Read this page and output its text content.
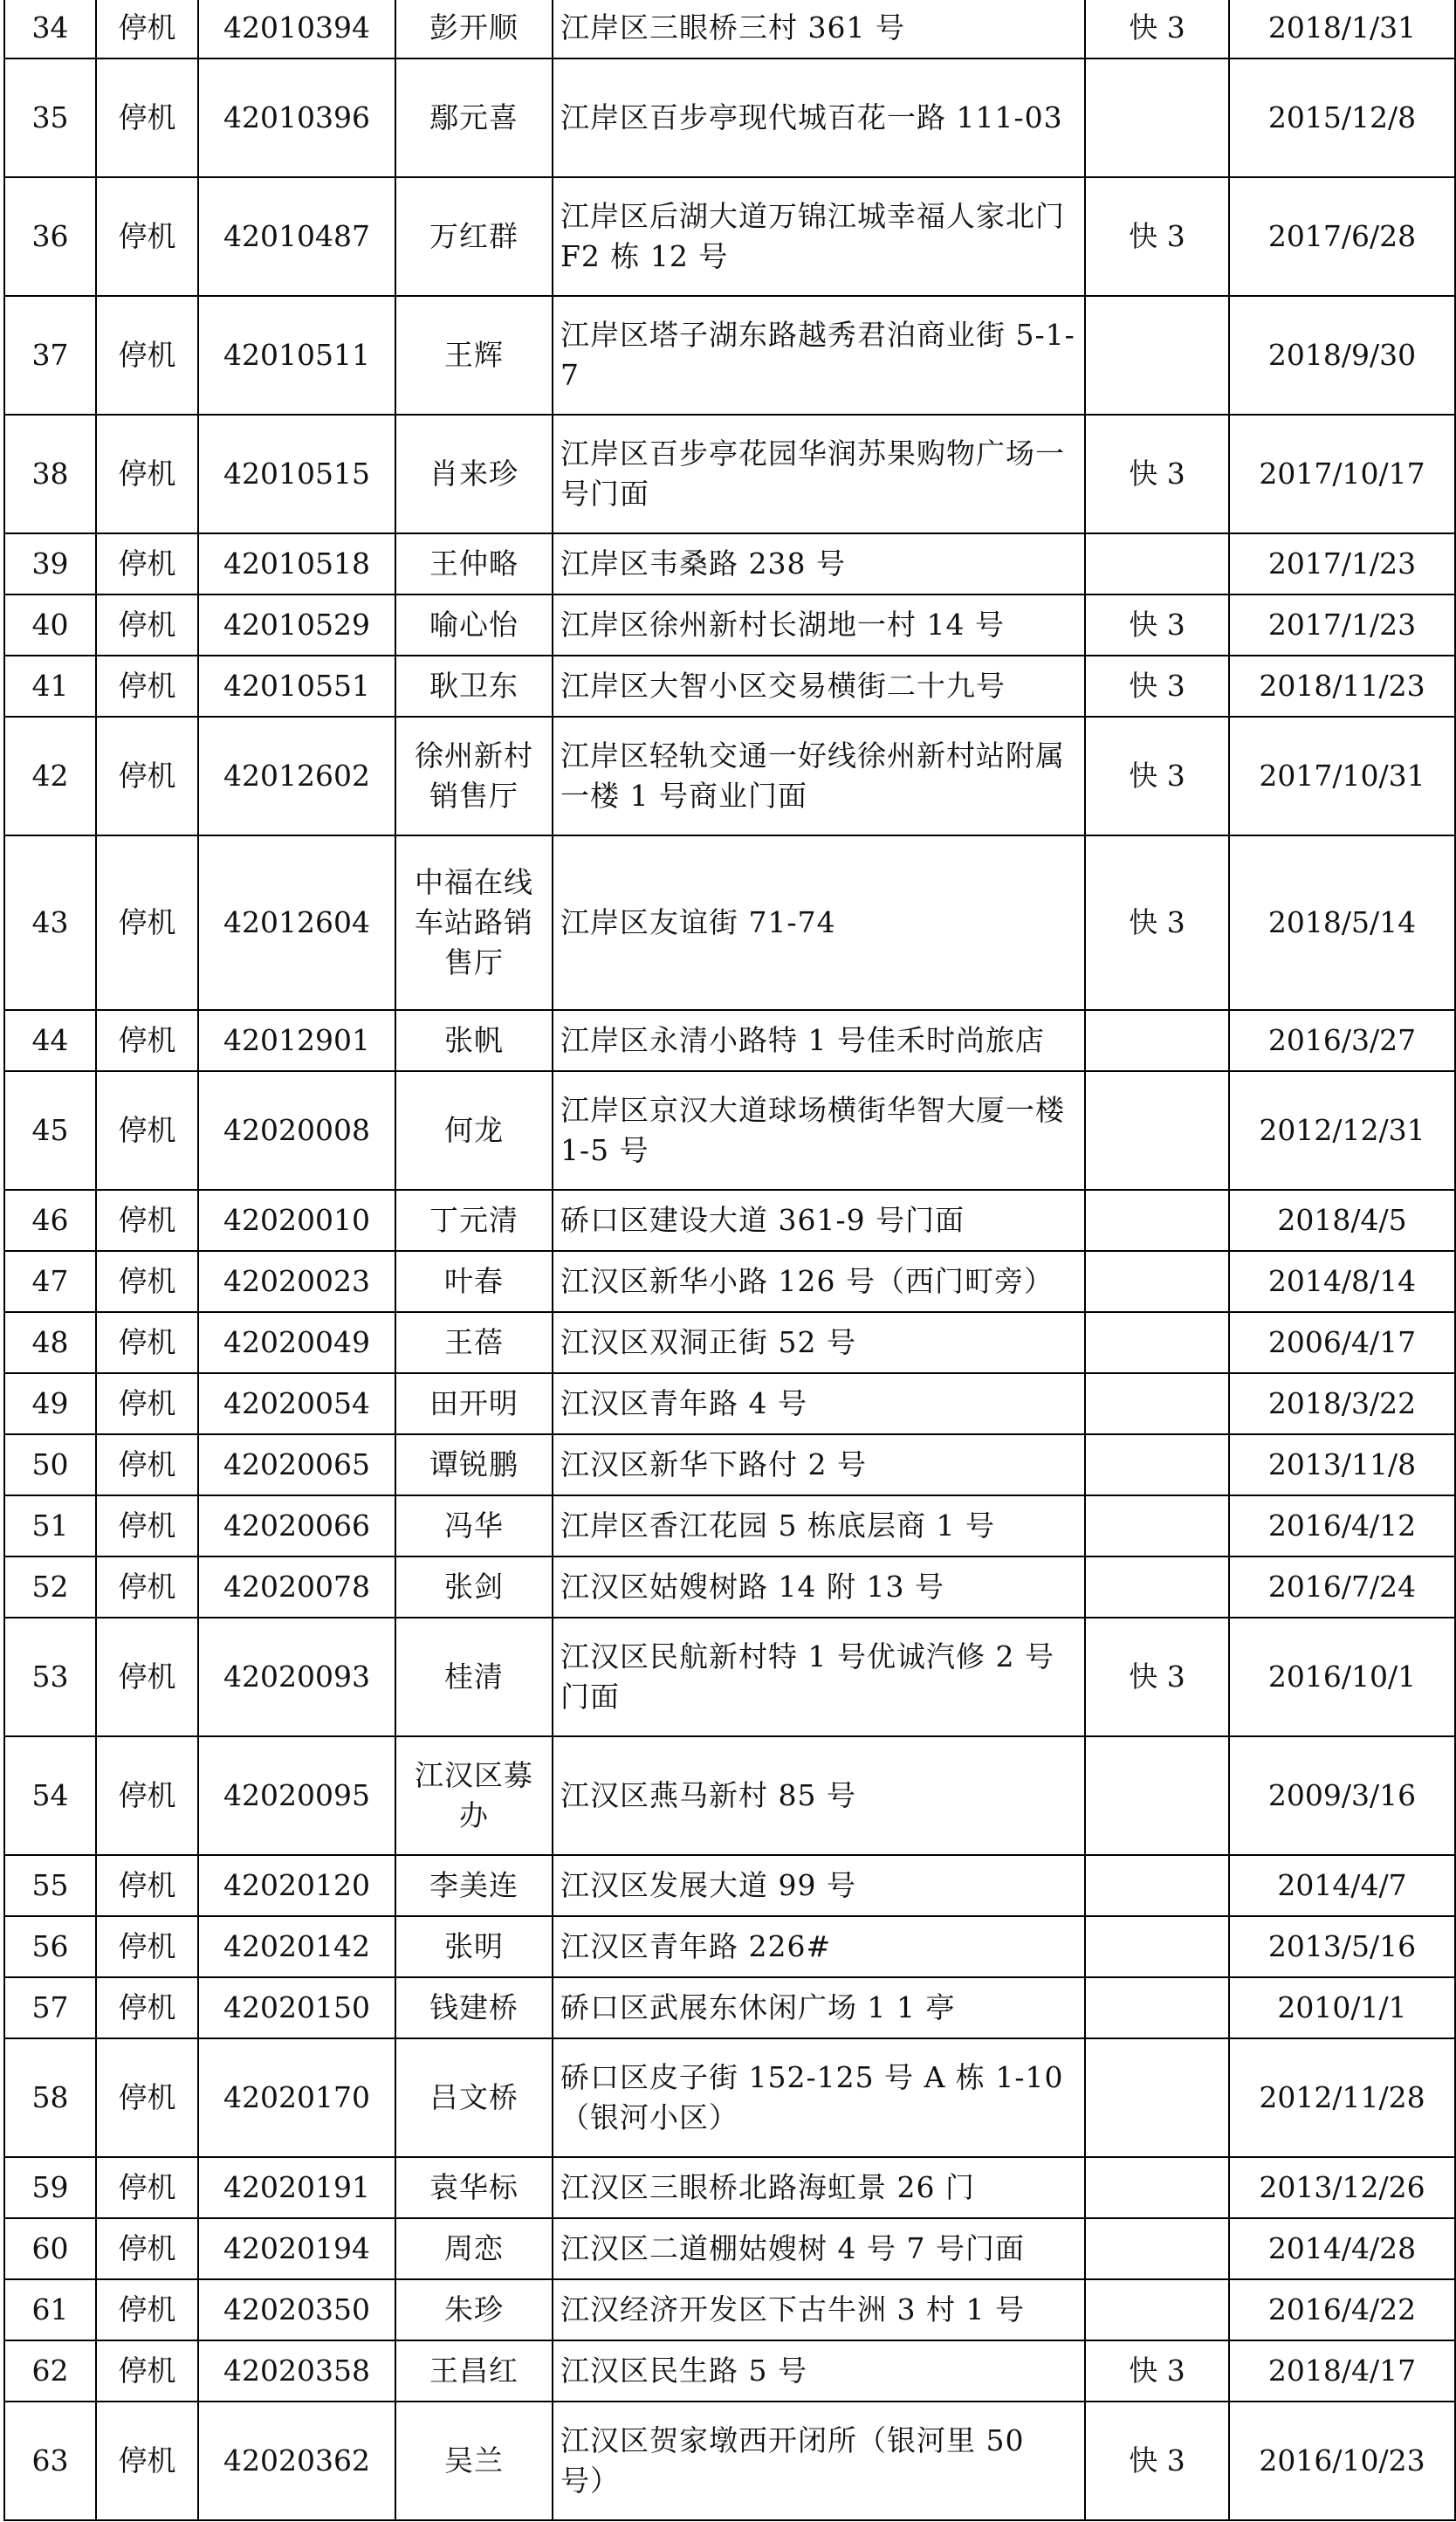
34	停机	42010394	彭开顺	江岸区三眼桥三村 361 号	快 3	2018/1/31
35	停机	42010396	鄢元喜	江岸区百步亭现代城百花一路 111-03		2015/12/8
36	停机	42010487	万红群	江岸区后湖大道万锦江城幸福人家北门 F2 栋 12 号	快 3	2017/6/28
37	停机	42010511	王辉	江岸区塔子湖东路越秀君泊商业街 5-1-7		2018/9/30
38	停机	42010515	肖来珍	江岸区百步亭花园华润苏果购物广场一号门面	快 3	2017/10/17
39	停机	42010518	王仲略	江岸区韦桑路 238 号		2017/1/23
40	停机	42010529	喻心怡	江岸区徐州新村长湖地一村 14 号	快 3	2017/1/23
41	停机	42010551	耿卫东	江岸区大智小区交易横街二十九号	快 3	2018/11/23
42	停机	42012602	徐州新村销售厅	江岸区轻轨交通一好线徐州新村站附属一楼 1 号商业门面	快 3	2017/10/31
43	停机	42012604	中福在线车站路销售厅	江岸区友谊街 71-74	快 3	2018/5/14
44	停机	42012901	张帆	江岸区永清小路特 1 号佳禾时尚旅店		2016/3/27
45	停机	42020008	何龙	江岸区京汉大道球场横街华智大厦一楼 1-5 号		2012/12/31
46	停机	42020010	丁元清	硚口区建设大道 361-9 号门面		2018/4/5
47	停机	42020023	叶春	江汉区新华小路 126 号（西门町旁）		2014/8/14
48	停机	42020049	王蓓	江汉区双洞正街 52 号		2006/4/17
49	停机	42020054	田开明	江汉区青年路 4 号		2018/3/22
50	停机	42020065	谭锐鹏	江汉区新华下路付 2 号		2013/11/8
51	停机	42020066	冯华	江岸区香江花园 5 栋底层商 1 号		2016/4/12
52	停机	42020078	张剑	江汉区姑嫂树路 14 附 13 号		2016/7/24
53	停机	42020093	桂清	江汉区民航新村特 1 号优诚汽修 2 号门面	快 3	2016/10/1
54	停机	42020095	江汉区募办	江汉区燕马新村 85 号		2009/3/16
55	停机	42020120	李美连	江汉区发展大道 99 号		2014/4/7
56	停机	42020142	张明	江汉区青年路 226#		2013/5/16
57	停机	42020150	钱建桥	硚口区武展东休闲广场 1 1 亭		2010/1/1
58	停机	42020170	吕文桥	硚口区皮子街 152-125 号 A 栋 1-10（银河小区）		2012/11/28
59	停机	42020191	袁华标	江汉区三眼桥北路海虹景 26 门		2013/12/26
60	停机	42020194	周恋	江汉区二道棚姑嫂树 4 号 7 号门面		2014/4/28
61	停机	42020350	朱珍	江汉经济开发区下古牛洲 3 村 1 号		2016/4/22
62	停机	42020358	王昌红	江汉区民生路 5 号	快 3	2018/4/17
63	停机	42020362	吴兰	江汉区贺家墩西开闭所（银河里 50 号）	快 3	2016/10/23
